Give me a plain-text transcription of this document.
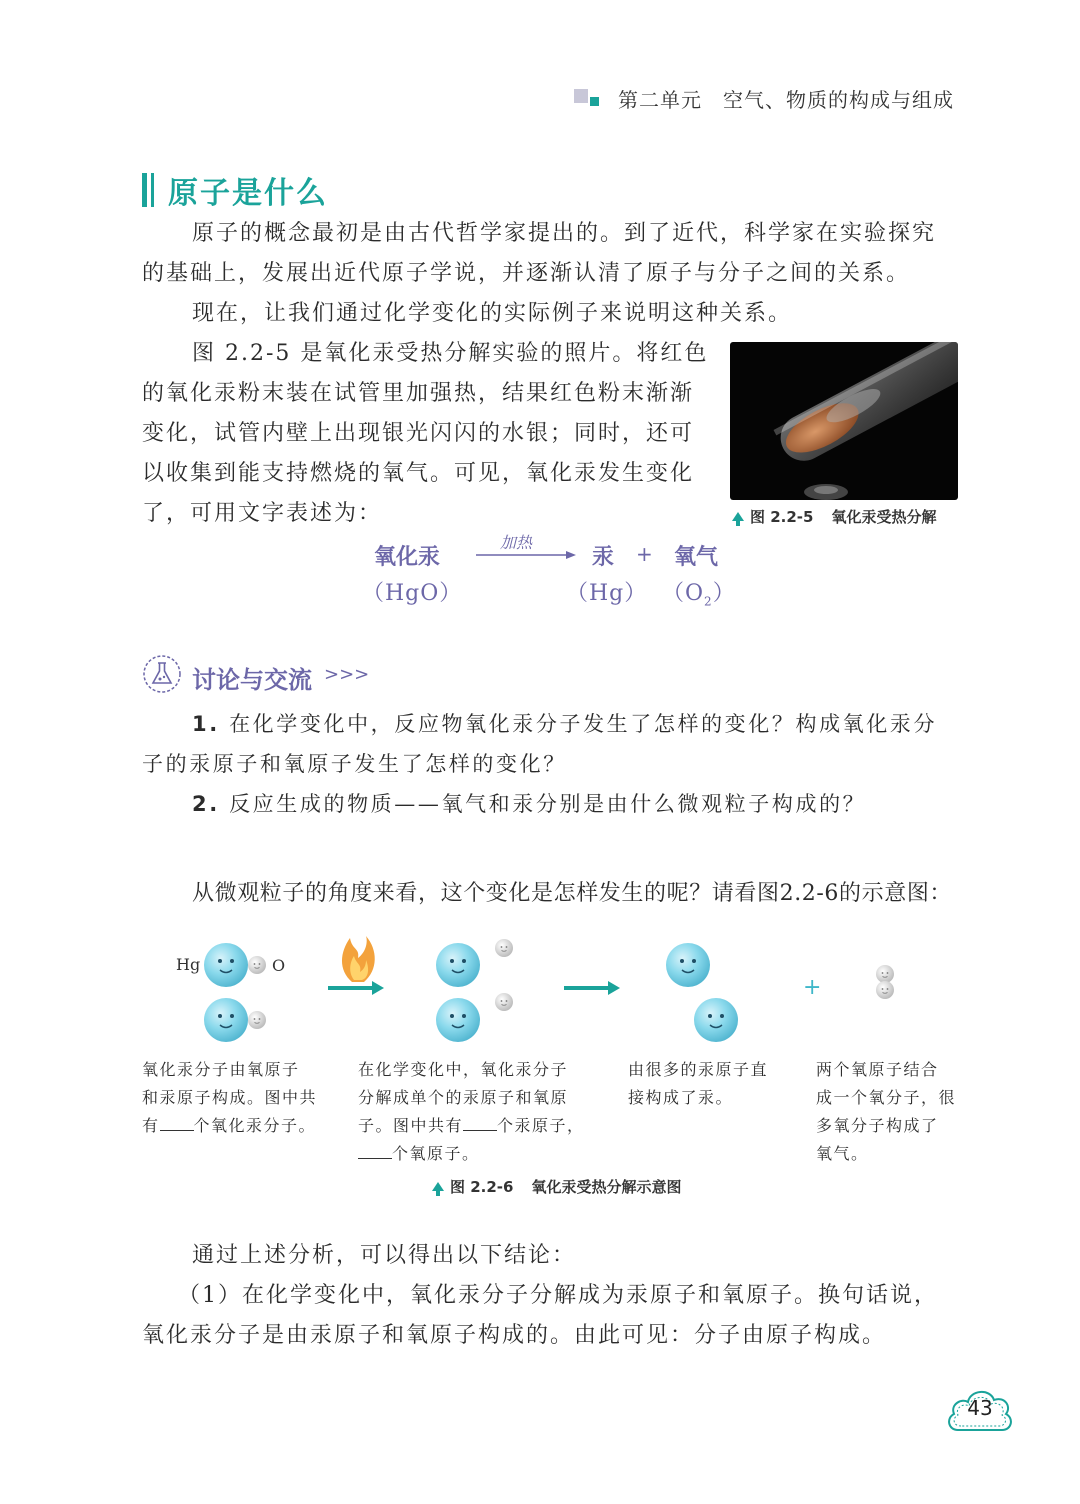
第二单元　空气、物质的构成与组成
原子是什么
原子的概念最初是由古代哲学家提出的。到了近代，科学家在实验探究
的基础上，发展出近代原子学说，并逐渐认清了原子与分子之间的关系。
现在，让我们通过化学变化的实际例子来说明这种关系。
图 2.2-5 是氧化汞受热分解实验的照片。将红色
的氧化汞粉末装在试管里加强热，结果红色粉末渐渐
变化，试管内壁上出现银光闪闪的水银；同时，还可
以收集到能支持燃烧的氧气。可见，氧化汞发生变化
了，可用文字表述为：	图 2.2-5 氧化汞受热分解
氧化汞
（HgO）
加热
汞
（Hg）
+ 氧气
$(O_2)$
讨论与交流 >>>
1. 在化学变化中，反应物氧化汞分子发生了怎样的变化？构成氧化汞分
子的汞原子和氧原子发生了怎样的变化？
2. 反应生成的物质——氧气和汞分别是由什么微观粒子构成的？
从微观粒子的角度来看，这个变化是怎样发生的呢？请看图2.2-6的示意图：
Hg	O
+
氧化汞分子由氧原子
和汞原子构成。图中共
有 个氧化汞分子。
在化学变化中，氧化汞分子
分解成单个的汞原子和氧原
子。图中共有 个汞原子，
个氧原子。
由很多的汞原子直
接构成了汞。
两个氧原子结合
成一个氧分子，很
多氧分子构成了
氧气。
图 2.2-6 氧化汞受热分解示意图
通过上述分析，可以得出以下结论：
（1）在化学变化中，氧化汞分子分解成为汞原子和氧原子。换句话说，
氧化汞分子是由汞原子和氧原子构成的。由此可见：分子由原子构成。
43
